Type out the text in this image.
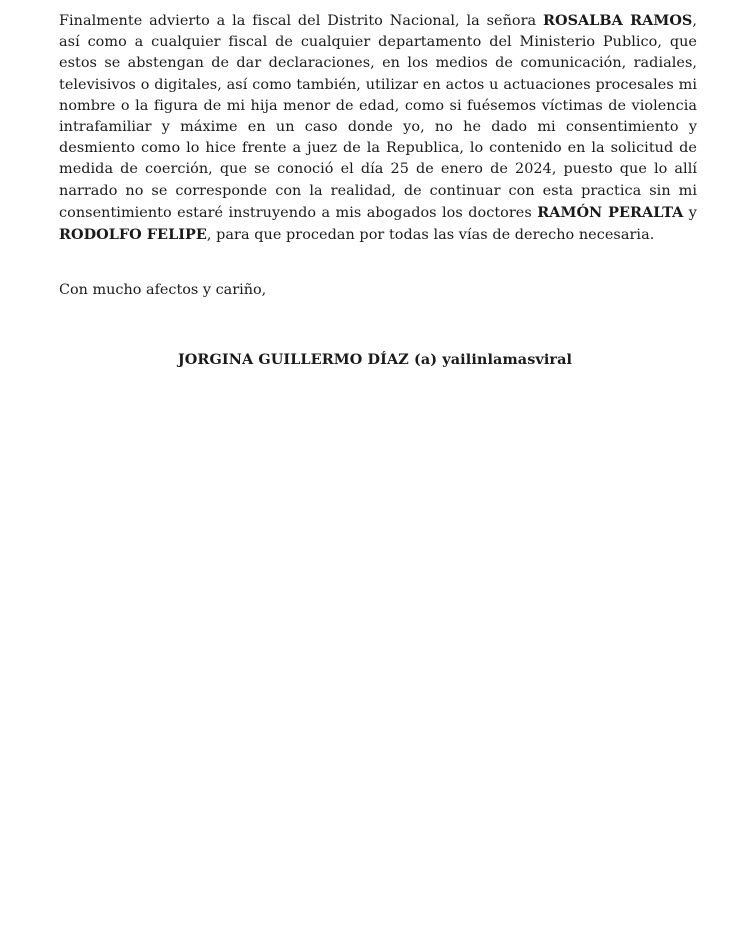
Finalmente advierto a la fiscal del Distrito Nacional, la señora ROSALBA RAMOS, así como a cualquier fiscal de cualquier departamento del Ministerio Publico, que estos se abstengan de dar declaraciones, en los medios de comunicación, radiales, televisivos o digitales, así como también, utilizar en actos u actuaciones procesales mi nombre o la figura de mi hija menor de edad, como si fuésemos víctimas de violencia intrafamiliar y máxime en un caso donde yo, no he dado mi consentimiento y desmiento como lo hice frente a juez de la Republica, lo contenido en la solicitud de medida de coerción, que se conoció el día 25 de enero de 2024, puesto que lo allí narrado no se corresponde con la realidad, de continuar con esta practica sin mi consentimiento estaré instruyendo a mis abogados los doctores RAMÓN PERALTA y RODOLFO FELIPE, para que procedan por todas las vías de derecho necesaria.

Con mucho afectos y cariño,

JORGINA GUILLERMO DÍAZ (a) yailinlamasviral
